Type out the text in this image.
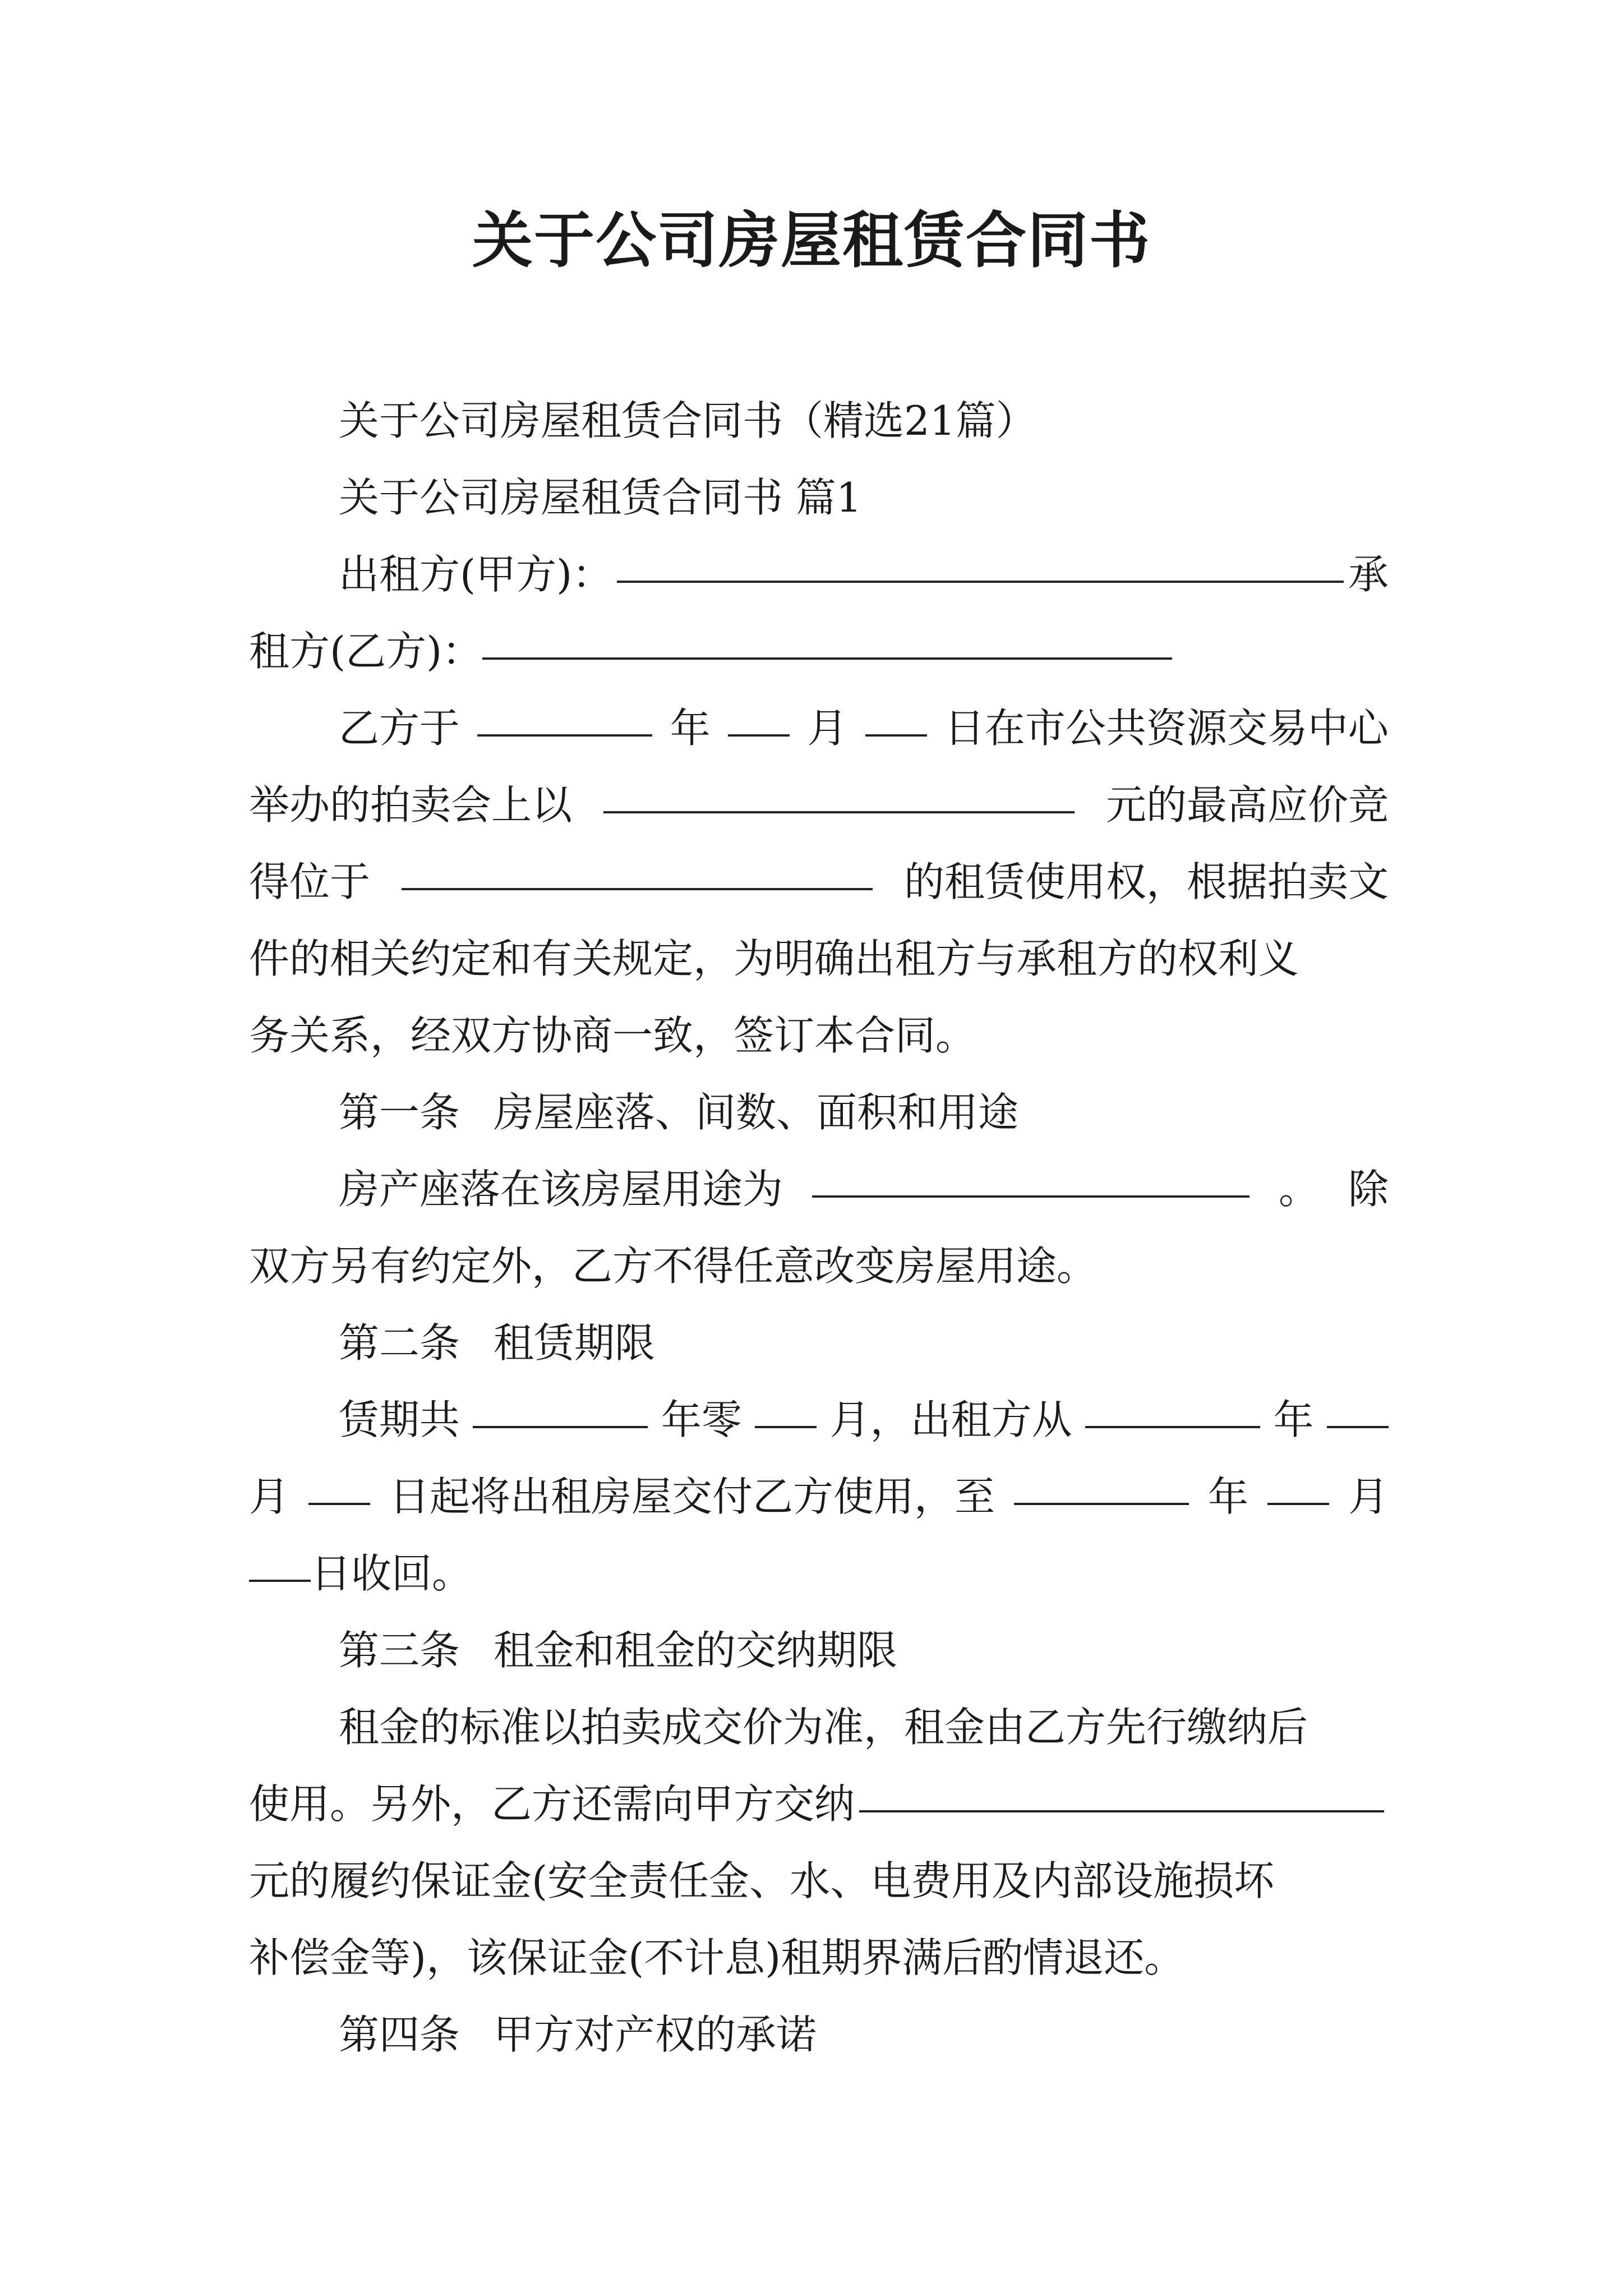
关于公司房屋租赁合同书
关于公司房屋租赁合同书（精选21篇）
关于公司房屋租赁合同书 篇1
出租方(甲方)：	承
租方(乙方)：
乙方于	年 月 日在市公共资源交易中心
举办的拍卖会上以	元的最高应价竞
得位于	的租赁使用权，根据拍卖文
件的相关约定和有关规定，为明确出租方与承租方的权利义
务关系，经双方协商一致，签订本合同。
第一条 房屋座落、间数、面积和用途
房产座落在该房屋用途为	。 除
双方另有约定外，乙方不得任意改变房屋用途。
第二条 租赁期限
赁期共	年零 月，出租方从	年
月 日起将出租房屋交付乙方使用，至	年 月
日收回。
第三条 租金和租金的交纳期限
租金的标准以拍卖成交价为准，租金由乙方先行缴纳后
使用。另外，乙方还需向甲方交纳
元的履约保证金(安全责任金、水、电费用及内部设施损坏
补偿金等)，该保证金(不计息)租期界满后酌情退还。
第四条 甲方对产权的承诺
